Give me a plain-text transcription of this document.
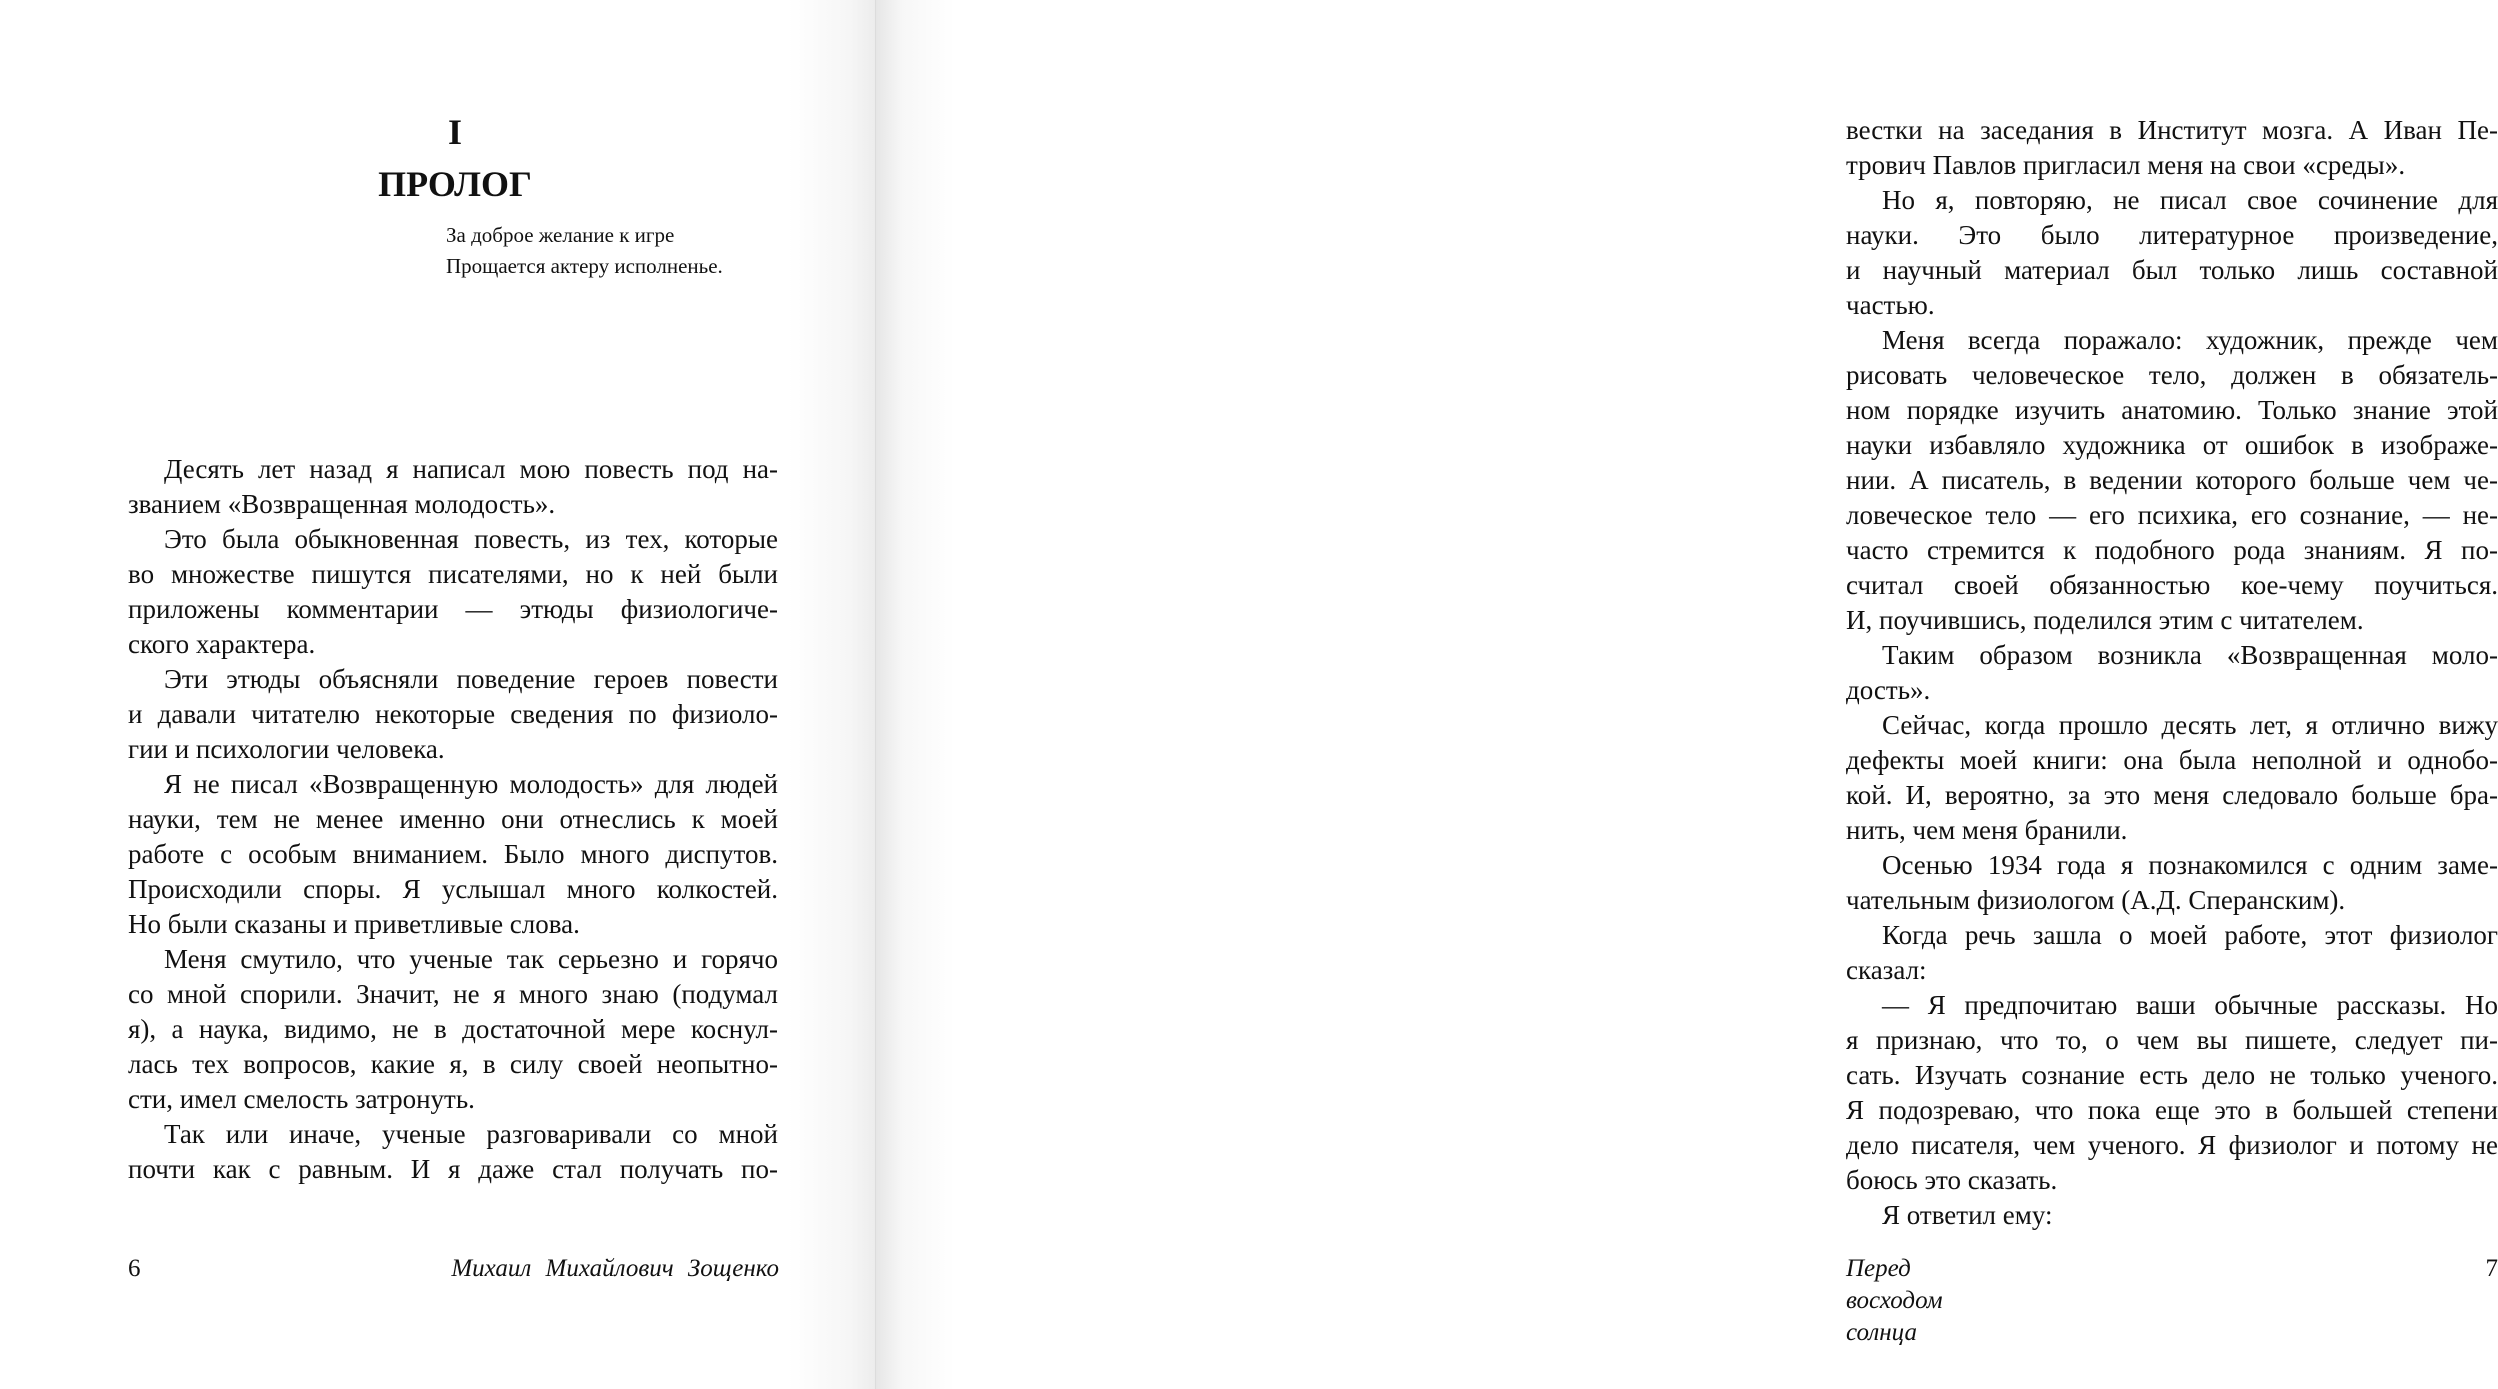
I
ПРОЛОГ
За доброе желание к игре
Прощается актеру исполненье.

Десять лет назад я написал мою повесть под на-
званием «Возвращенная молодость».

Это была обыкновенная повесть, из тех, которые
во множестве пишутся писателями, но к ней были
приложены комментарии — этюды физиологиче-
ского характера.

Эти этюды объясняли поведение героев повести
и давали читателю некоторые сведения по физиоло-
гии и психологии человека.

Я не писал «Возвращенную молодость» для людей
науки, тем не менее именно они отнеслись к моей
работе с особым вниманием. Было много диспутов.
Происходили споры. Я услышал много колкостей.
Но были сказаны и приветливые слова.

Меня смутило, что ученые так серьезно и горячо
со мной спорили. Значит, не я много знаю (подумал
я), а наука, видимо, не в достаточной мере коснул-
лась тех вопросов, какие я, в силу своей неопытно-
сти, имел смелость затронуть.

Так или иначе, ученые разговаривали со мной
почти как с равным. И я даже стал получать по-

6	Михаил Михайлович Зощенко

вестки на заседания в Институт мозга. А Иван Пе-
трович Павлов пригласил меня на свои «среды».

Но я, повторяю, не писал свое сочинение для
науки. Это было литературное произведение,
и научный материал был только лишь составной
частью.

Меня всегда поражало: художник, прежде чем
рисовать человеческое тело, должен в обязатель-
ном порядке изучить анатомию. Только знание этой
науки избавляло художника от ошибок в изображе-
нии. А писатель, в ведении которого больше чем че-
ловеческое тело — его психика, его сознание, — не-
часто стремится к подобного рода знаниям. Я по-
считал своей обязанностью кое-чему поучиться.
И, поучившись, поделился этим с читателем.

Таким образом возникла «Возвращенная моло-
дость».

Сейчас, когда прошло десять лет, я отлично вижу
дефекты моей книги: она была неполной и однобо-
кой. И, вероятно, за это меня следовало больше бра-
нить, чем меня бранили.

Осенью 1934 года я познакомился с одним заме-
чательным физиологом (А.Д. Сперанским).

Когда речь зашла о моей работе, этот физиолог
сказал:

— Я предпочитаю ваши обычные рассказы. Но
я признаю, что то, о чем вы пишете, следует пи-
сать. Изучать сознание есть дело не только ученого.
Я подозреваю, что пока еще это в большей степени
дело писателя, чем ученого. Я физиолог и потому не
боюсь это сказать.

Я ответил ему:

Перед восходом солнца
7
